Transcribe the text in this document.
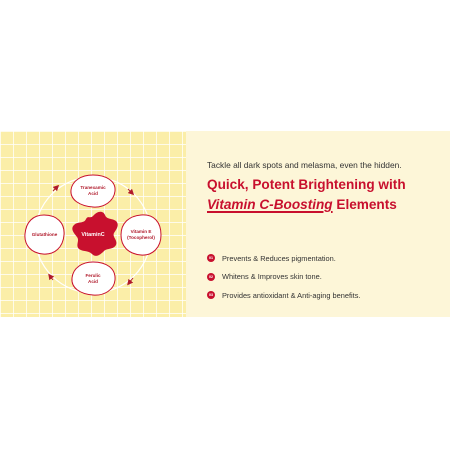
Tranexamic
Acid
Vitamin E
(Tocopherol)
Ferulic
Acid
Glutathione	VitaminC

Tackle all dark spots and melasma, even the hidden.

Quick, Potent Brightening with
Vitamin C-Boosting Elements
01 Prevents & Reduces pigmentation.
02 Whitens & Improves skin tone.
03 Provides antioxidant & Anti-aging benefits.
